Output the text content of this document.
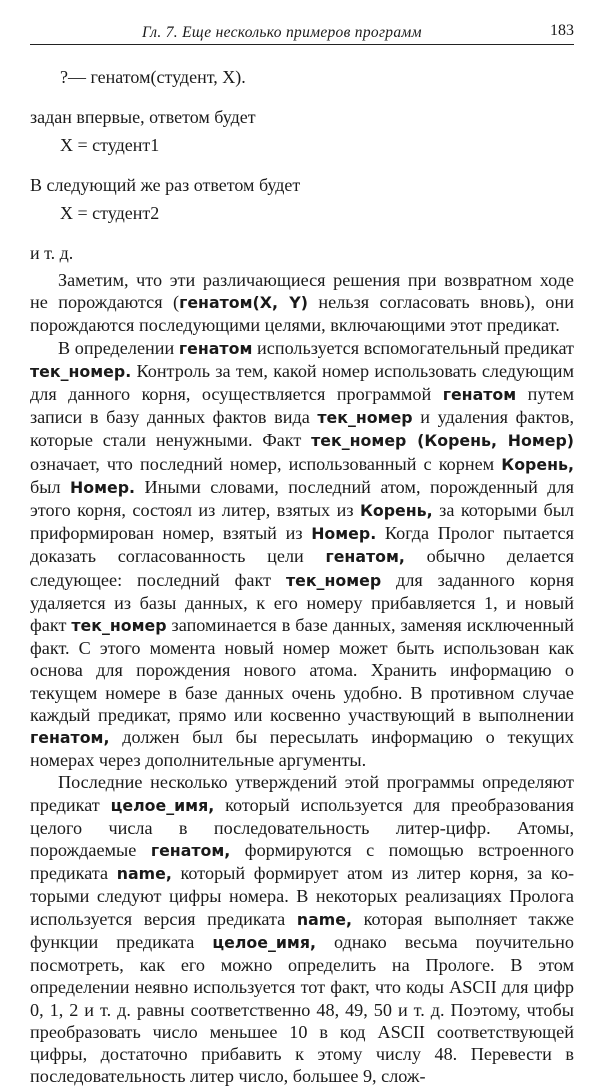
Гл. 7. Еще несколько примеров программ	183
?— генатом(студент, X).
задан впервые, ответом будет
X = студент1
В следующий же раз ответом будет
X = студент2
и т. д.

Заметим, что эти различающиеся решения при возвратном ходе не порождаются (генатом(X, Y) нельзя согласовать вновь), они порождаются последующими целями, включающими этот предикат.

В определении генатом используется вспомогательный предикат тек_номер. Контроль за тем, какой номер использовать следующим для данного корня, осуществляется программой генатом путем записи в базу данных фактов вида тек_номер и удаления фактов, которые стали ненужными. Факт тек_номер (Корень, Номер) означает, что последний номер, использованный с корнем Корень, был Номер. Иными словами, последний атом, порожденный для этого корня, состоял из литер, взятых из Корень, за которыми был приформирован номер, взятый из Номер. Когда Пролог пытается доказать согласованность цели генатом, обычно делается следующее: последний факт тек_номер для заданного корня удаляется из базы данных, к его номеру прибавляется 1, и новый факт тек_номер запоминается в базе данных, заменяя исключенный факт. С этого момента новый номер может быть использован как основа для порождения нового атома. Хранить информацию о текущем номере в базе данных очень удобно. В противном случае каждый предикат, прямо или косвенно участвующий в выполнении генатом, должен был бы пересылать информацию о текущих номерах через дополнительные аргументы.

Последние несколько утверждений этой программы определяют предикат целое_имя, который используется для преобразования целого числа в последовательность литер-цифр. Атомы, порождаемые генатом, формируются с помощью встроенного предиката name, который формирует атом из литер корня, за которыми следуют цифры номера. В некоторых реализациях Пролога используется версия предиката name, которая выполняет также функции предиката целое_имя, однако весьма поучительно посмотреть, как его можно определить на Прологе. В этом определении неявно используется тот факт, что коды ASCII для цифр 0, 1, 2 и т. д. равны соответственно 48, 49, 50 и т. д. Поэтому, чтобы преобразовать число меньшее 10 в код ASCII соответствующей цифры, достаточно прибавить к этому числу 48. Перевести в последовательность литер число, большее 9, слож-
